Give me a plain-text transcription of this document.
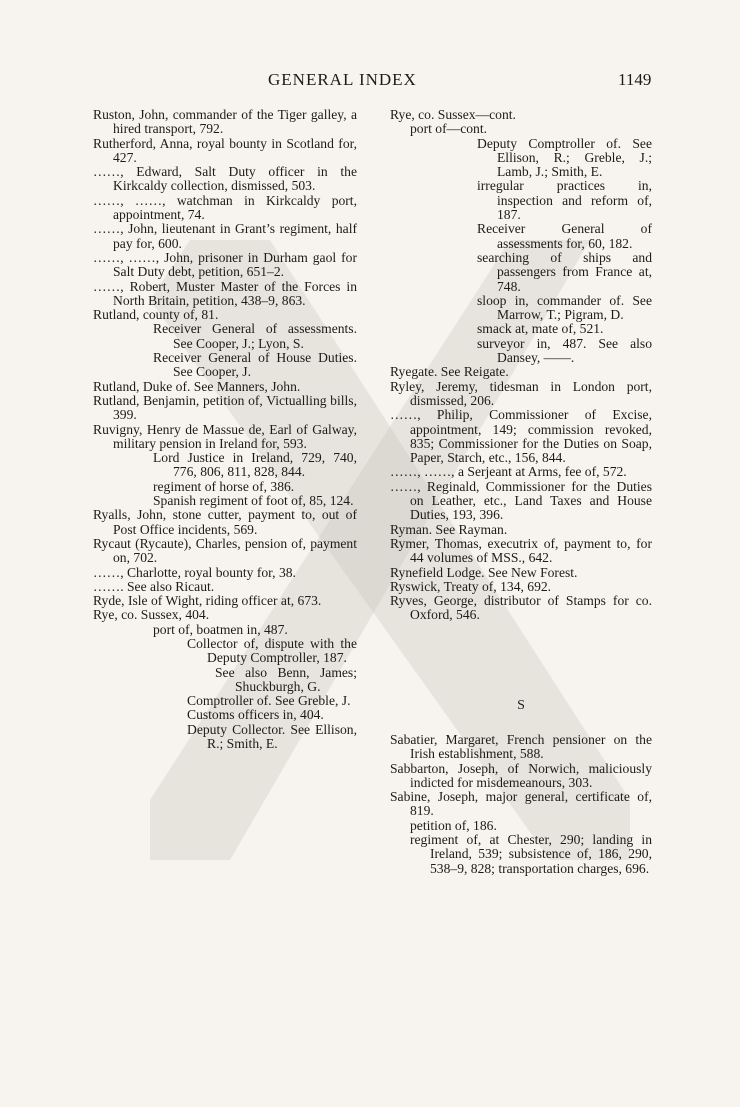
GENERAL INDEX	1149
Ruston, John, commander of the Tiger galley, a hired transport, 792.
Rutherford, Anna, royal bounty in Scotland for, 427.
……, Edward, Salt Duty officer in the Kirkcaldy collection, dismissed, 503.
……, ……, watchman in Kirkcaldy port, appointment, 74.
……, John, lieutenant in Grant’s regiment, half pay for, 600.
……, ……, John, prisoner in Durham gaol for Salt Duty debt, petition, 651–2.
……, Robert, Muster Master of the Forces in North Britain, petition, 438–9, 863.
Rutland, county of, 81.
Receiver General of assessments. See Cooper, J.; Lyon, S.
Receiver General of House Duties. See Cooper, J.
Rutland, Duke of. See Manners, John.
Rutland, Benjamin, petition of, Victualling bills, 399.
Ruvigny, Henry de Massue de, Earl of Galway, military pension in Ireland for, 593.
Lord Justice in Ireland, 729, 740, 776, 806, 811, 828, 844.
regiment of horse of, 386.
Spanish regiment of foot of, 85, 124.
Ryalls, John, stone cutter, payment to, out of Post Office incidents, 569.
Rycaut (Rycaute), Charles, pension of, payment on, 702.
……, Charlotte, royal bounty for, 38.
……. See also Ricaut.
Ryde, Isle of Wight, riding officer at, 673.
Rye, co. Sussex, 404.
port of, boatmen in, 487.
Collector of, dispute with the Deputy Comptroller, 187.
See also Benn, James; Shuckburgh, G.
Comptroller of. See Greble, J.
Customs officers in, 404.
Deputy Collector. See Ellison, R.; Smith, E.
Rye, co. Sussex—cont.
port of—cont.
Deputy Comptroller of. See Ellison, R.; Greble, J.; Lamb, J.; Smith, E.
irregular practices in, inspection and reform of, 187.
Receiver General of assessments for, 60, 182.
searching of ships and passengers from France at, 748.
sloop in, commander of. See Marrow, T.; Pigram, D.
smack at, mate of, 521.
surveyor in, 487. See also Dansey, ——.
Ryegate. See Reigate.
Ryley, Jeremy, tidesman in London port, dismissed, 206.
……, Philip, Commissioner of Excise, appointment, 149; commission revoked, 835; Commissioner for the Duties on Soap, Paper, Starch, etc., 156, 844.
……, ……, a Serjeant at Arms, fee of, 572.
……, Reginald, Commissioner for the Duties on Leather, etc., Land Taxes and House Duties, 193, 396.
Ryman. See Rayman.
Rymer, Thomas, executrix of, payment to, for 44 volumes of MSS., 642.
Rynefield Lodge. See New Forest.
Ryswick, Treaty of, 134, 692.
Ryves, George, distributor of Stamps for co. Oxford, 546.
S
Sabatier, Margaret, French pensioner on the Irish establishment, 588.
Sabbarton, Joseph, of Norwich, maliciously indicted for misdemeanours, 303.
Sabine, Joseph, major general, certificate of, 819.
petition of, 186.
regiment of, at Chester, 290; landing in Ireland, 539; subsistence of, 186, 290, 538–9, 828; transportation charges, 696.
